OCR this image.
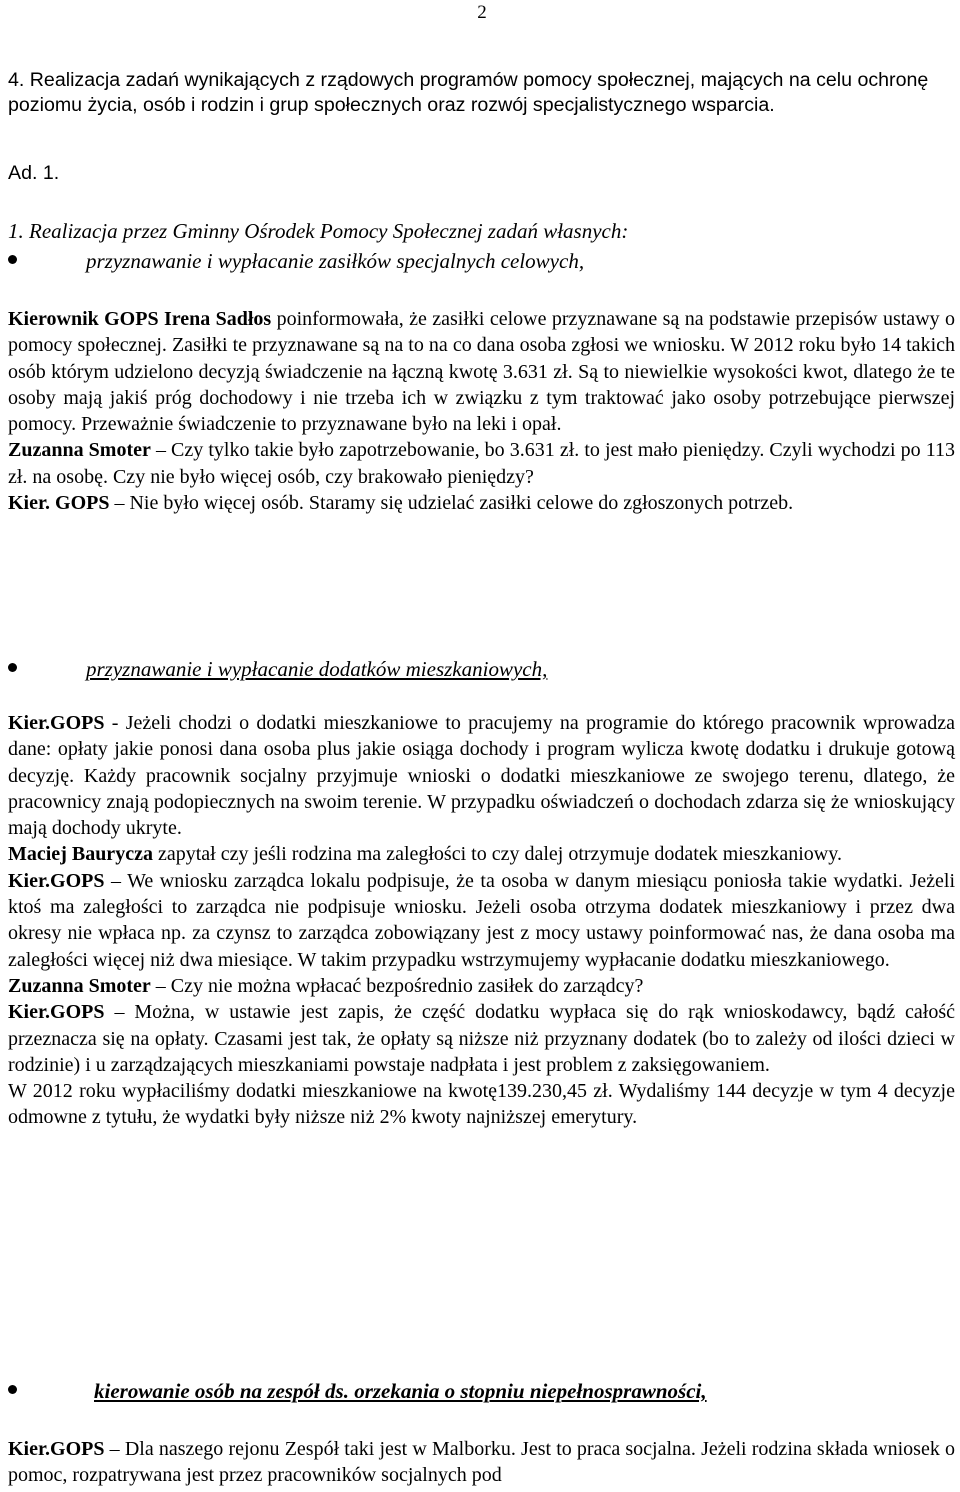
2
4. Realizacja zadań wynikających z rządowych programów pomocy społecznej, mających na celu ochronę poziomu życia, osób i rodzin i grup społecznych oraz rozwój specjalistycznego wsparcia.
Ad. 1.
1. Realizacja przez Gminny Ośrodek Pomocy Społecznej zadań własnych:
przyznawanie i wypłacanie zasiłków specjalnych celowych,

Kierownik GOPS Irena Sadłos poinformowała, że zasiłki celowe przyznawane są na podstawie przepisów ustawy o pomocy społecznej. Zasiłki te przyznawane są na to na co dana osoba zgłosi we wniosku. W 2012 roku było 14 takich osób którym udzielono decyzją świadczenie na łączną kwotę 3.631 zł. Są to niewielkie wysokości kwot, dlatego że te osoby mają jakiś próg dochodowy i nie trzeba ich w związku z tym traktować jako osoby potrzebujące pierwszej pomocy. Przeważnie świadczenie to przyznawane było na leki i opał.

Zuzanna Smoter – Czy tylko takie było zapotrzebowanie, bo 3.631 zł. to jest mało pieniędzy. Czyli wychodzi po 113 zł. na osobę. Czy nie było więcej osób, czy brakowało pieniędzy?

Kier. GOPS – Nie było więcej osób. Staramy się udzielać zasiłki celowe do zgłoszonych potrzeb.

przyznawanie i wypłacanie dodatków mieszkaniowych,

Kier.GOPS - Jeżeli chodzi o dodatki mieszkaniowe to pracujemy na programie do którego pracownik wprowadza dane: opłaty jakie ponosi dana osoba plus jakie osiąga dochody i program wylicza kwotę dodatku i drukuje gotową decyzję. Każdy pracownik socjalny przyjmuje wnioski o dodatki mieszkaniowe ze swojego terenu, dlatego, że pracownicy znają podopiecznych na swoim terenie. W przypadku oświadczeń o dochodach zdarza się że wnioskujący mają dochody ukryte.

Maciej Baurycza zapytał czy jeśli rodzina ma zaległości to czy dalej otrzymuje dodatek mieszkaniowy.

Kier.GOPS – We wniosku zarządca lokalu podpisuje, że ta osoba w danym miesiącu poniosła takie wydatki. Jeżeli ktoś ma zaległości to zarządca nie podpisuje wniosku. Jeżeli osoba otrzyma dodatek mieszkaniowy i przez dwa okresy nie wpłaca np. za czynsz to zarządca zobowiązany jest z mocy ustawy poinformować nas, że dana osoba ma zaległości więcej niż dwa miesiące. W takim przypadku wstrzymujemy wypłacanie dodatku mieszkaniowego.

Zuzanna Smoter – Czy nie można wpłacać bezpośrednio zasiłek do zarządcy?

Kier.GOPS – Można, w ustawie jest zapis, że część dodatku wypłaca się do rąk wnioskodawcy, bądź całość przeznacza się na opłaty. Czasami jest tak, że opłaty są niższe niż przyznany dodatek (bo to zależy od ilości dzieci w rodzinie) i u zarządzających mieszkaniami powstaje nadpłata i jest problem z zaksięgowaniem.

W 2012 roku wypłaciliśmy dodatki mieszkaniowe na kwotę139.230,45 zł. Wydaliśmy 144 decyzje w tym 4 decyzje odmowne z tytułu, że wydatki były niższe niż 2% kwoty najniższej emerytury.

kierowanie osób na zespół ds. orzekania o stopniu niepełnosprawności,

Kier.GOPS – Dla naszego rejonu Zespół taki jest w Malborku. Jest to praca socjalna. Jeżeli rodzina składa wniosek o pomoc, rozpatrywana jest przez pracowników socjalnych pod
